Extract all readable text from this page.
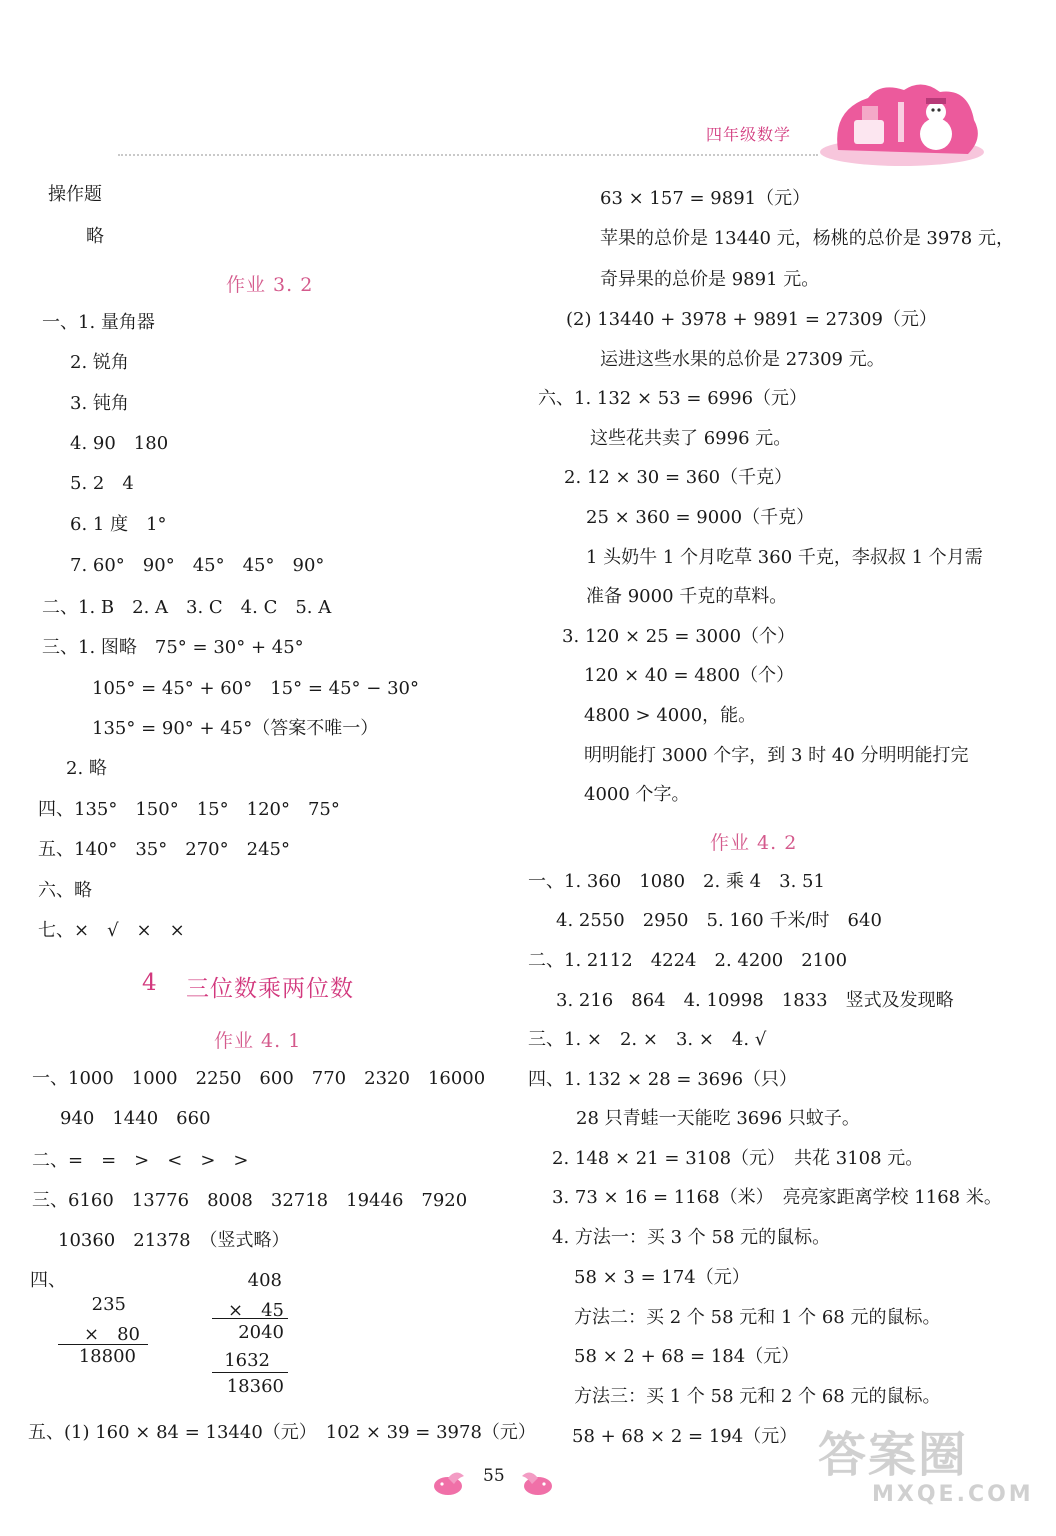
四年级数学
操作题
略
作业 3. 2
一、1. 量角器
2. 锐角
3. 钝角
4. 90　180
5. 2　4
6. 1 度　1°
7. 60°　90°　45°　45°　90°
二、1. B　2. A　3. C　4. C　5. A
三、1. 图略　75° = 30° + 45°
105° = 45° + 60°　15° = 45° − 30°
135° = 90° + 45°（答案不唯一）
2. 略
四、135°　150°　15°　120°　75°
五、140°　35°　270°　245°
六、略
七、×　√　×　×
4 三位数乘两位数
作业 4. 1
一、1000　1000　2250　600　770　2320　16000
940　1440　660
二、=　=　>　<　>　>
三、6160　13776　8008　32718　19446　7920
10360　21378　（竖式略）
四、
235
×　80
18800
408
×　45
2040
1632
18360
五、(1) 160 × 84 = 13440（元）　102 × 39 = 3978（元）
63 × 157 = 9891（元）
苹果的总价是 13440 元，杨桃的总价是 3978 元，
奇异果的总价是 9891 元。
(2) 13440 + 3978 + 9891 = 27309（元）
运进这些水果的总价是 27309 元。
六、1. 132 × 53 = 6996（元）
这些花共卖了 6996 元。
2. 12 × 30 = 360（千克）
25 × 360 = 9000（千克）
1 头奶牛 1 个月吃草 360 千克，李叔叔 1 个月需
准备 9000 千克的草料。
3. 120 × 25 = 3000（个）
120 × 40 = 4800（个）
4800 > 4000，能。
明明能打 3000 个字，到 3 时 40 分明明能打完
4000 个字。
作业 4. 2
一、1. 360　1080　2. 乘 4　3. 51
4. 2550　2950　5. 160 千米/时　640
二、1. 2112　4224　2. 4200　2100
3. 216　864　4. 10998　1833　竖式及发现略
三、1. ×　2. ×　3. ×　4. √
四、1. 132 × 28 = 3696（只）
28 只青蛙一天能吃 3696 只蚊子。
2. 148 × 21 = 3108（元）　共花 3108 元。
3. 73 × 16 = 1168（米）　亮亮家距离学校 1168 米。
4. 方法一：买 3 个 58 元的鼠标。
58 × 3 = 174（元）
方法二：买 2 个 58 元和 1 个 68 元的鼠标。
58 × 2 + 68 = 184（元）
方法三：买 1 个 58 元和 2 个 68 元的鼠标。
58 + 68 × 2 = 194（元）
55	答案圈
MXQE.COM
